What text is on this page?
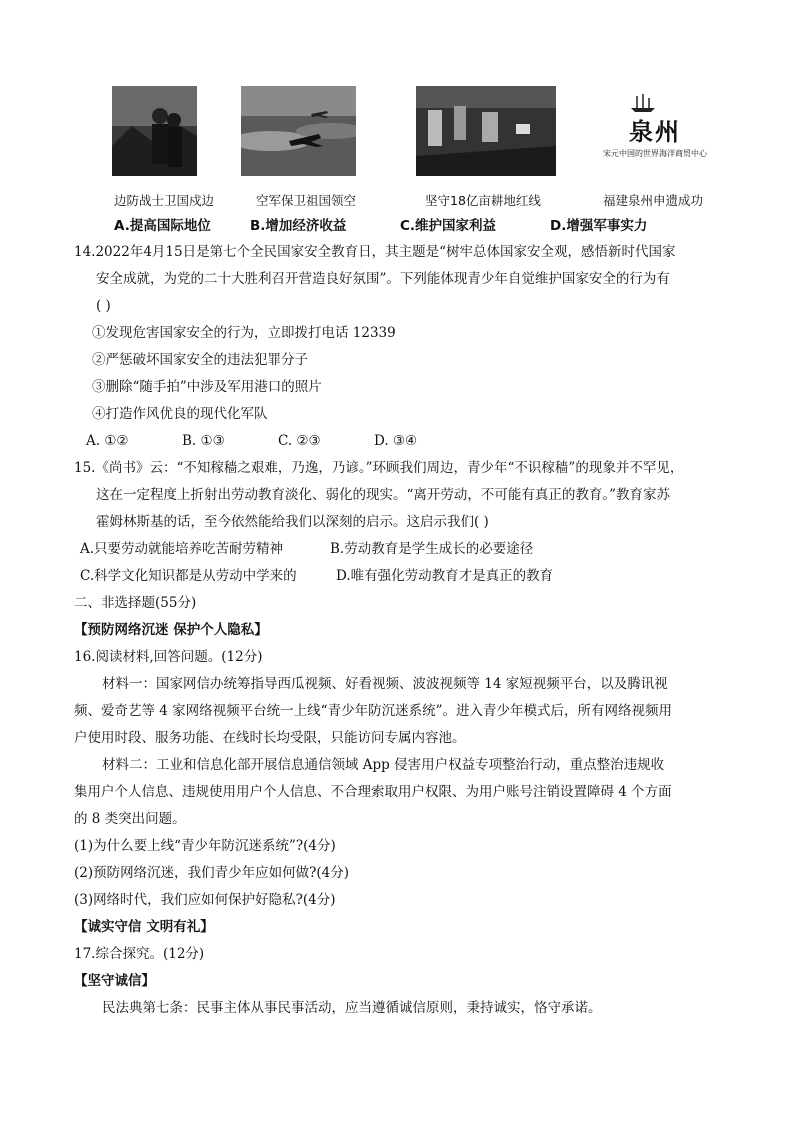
泉州
宋元中国的世界海洋商贸中心
边防战士卫国戍边	空军保卫祖国领空	坚守18亿亩耕地红线	福建泉州申遗成功
A.提高国际地位	B.增加经济收益	C.维护国家利益	D.增强军事实力
14.2022年4月15日是第七个全民国家安全教育日，其主题是“树牢总体国家安全观，感悟新时代国家
安全成就，为党的二十大胜利召开营造良好氛围”。下列能体现青少年自觉维护国家安全的行为有
( )
①发现危害国家安全的行为，立即拨打电话 12339
②严惩破坏国家安全的违法犯罪分子
③删除“随手拍”中涉及军用港口的照片
④打造作风优良的现代化军队
A. ①②	B. ①③	C. ②③	D. ③④
15.《尚书》云：“不知稼穑之艰难，乃逸，乃谚。”环顾我们周边，青少年“不识稼穑”的现象并不罕见，
这在一定程度上折射出劳动教育淡化、弱化的现实。“离开劳动，不可能有真正的教育。”教育家苏
霍姆林斯基的话，至今依然能给我们以深刻的启示。这启示我们( )
A.只要劳动就能培养吃苦耐劳精神	B.劳动教育是学生成长的必要途径
C.科学文化知识都是从劳动中学来的	D.唯有强化劳动教育才是真正的教育
二、非选择题(55分)
【预防网络沉迷 保护个人隐私】
16.阅读材料,回答问题。(12分)
材料一：国家网信办统筹指导西瓜视频、好看视频、波波视频等 14 家短视频平台，以及腾讯视
频、爱奇艺等 4 家网络视频平台统一上线“青少年防沉迷系统”。进入青少年模式后，所有网络视频用
户使用时段、服务功能、在线时长均受限，只能访问专属内容池。
材料二：工业和信息化部开展信息通信领域 App 侵害用户权益专项整治行动，重点整治违规收
集用户个人信息、违规使用用户个人信息、不合理索取用户权限、为用户账号注销设置障碍 4 个方面
的 8 类突出问题。
(1)为什么要上线“青少年防沉迷系统”?(4分)
(2)预防网络沉迷，我们青少年应如何做?(4分)
(3)网络时代，我们应如何保护好隐私?(4分)
【诚实守信 文明有礼】
17.综合探究。(12分)
【坚守诚信】
民法典第七条：民事主体从事民事活动，应当遵循诚信原则，秉持诚实，恪守承诺。
